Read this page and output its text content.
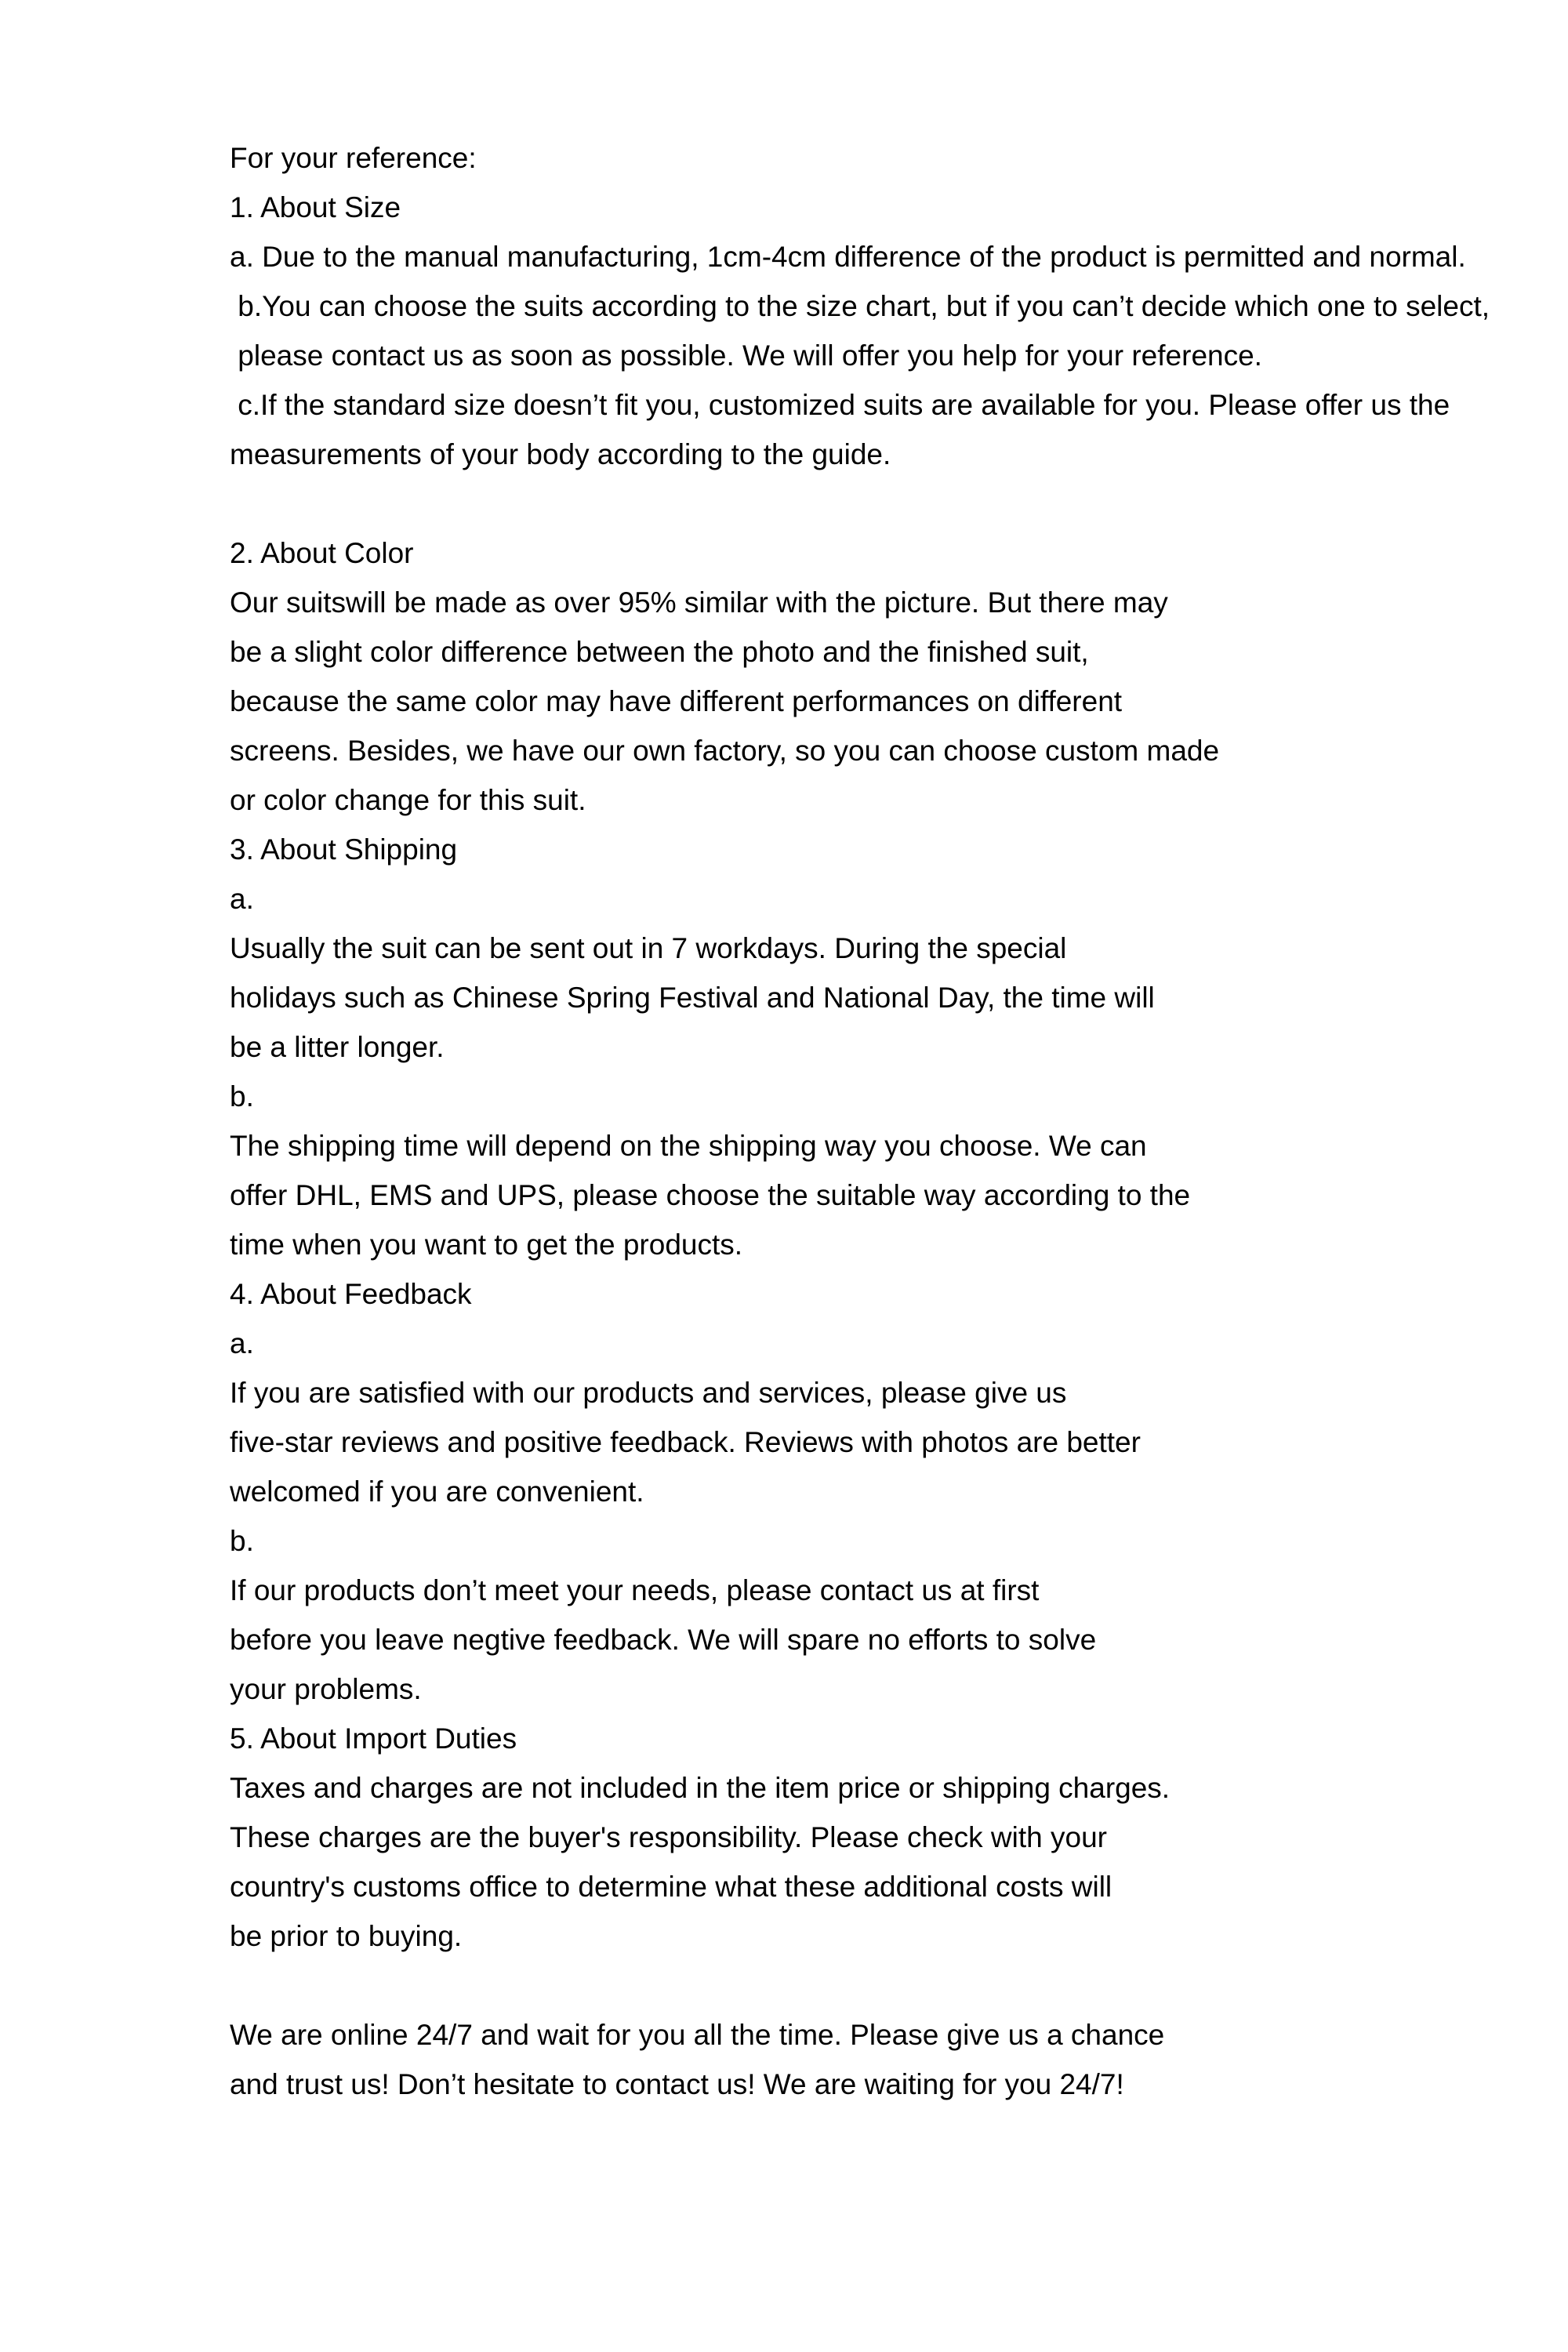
For your reference:
1. About Size
a. Due to the manual manufacturing, 1cm-4cm difference of the product is permitted and normal.
b.You can choose the suits according to the size chart, but if you can’t decide which one to select,
please contact us as soon as possible. We will offer you help for your reference.
c.If the standard size doesn’t fit you, customized suits are available for you. Please offer us the
measurements of your body according to the guide.
2. About Color
Our suitswill be made as over 95% similar with the picture. But there may
be a slight color difference between the photo and the finished suit,
because the same color may have different performances on different
screens. Besides, we have our own factory, so you can choose custom made
or color change for this suit.
3. About Shipping
a.
Usually the suit can be sent out in 7 workdays. During the special
holidays such as Chinese Spring Festival and National Day, the time will
be a litter longer.
b.
The shipping time will depend on the shipping way you choose. We can
offer DHL, EMS and UPS, please choose the suitable way according to the
time when you want to get the products.
4. About Feedback
a.
If you are satisfied with our products and services, please give us
five-star reviews and positive feedback. Reviews with photos are better
welcomed if you are convenient.
b.
If our products don’t meet your needs, please contact us at first
before you leave negtive feedback. We will spare no efforts to solve
your problems.
5. About Import Duties
Taxes and charges are not included in the item price or shipping charges.
These charges are the buyer's responsibility. Please check with your
country's customs office to determine what these additional costs will
be prior to buying.
We are online 24/7 and wait for you all the time. Please give us a chance
and trust us! Don’t hesitate to contact us! We are waiting for you 24/7!
